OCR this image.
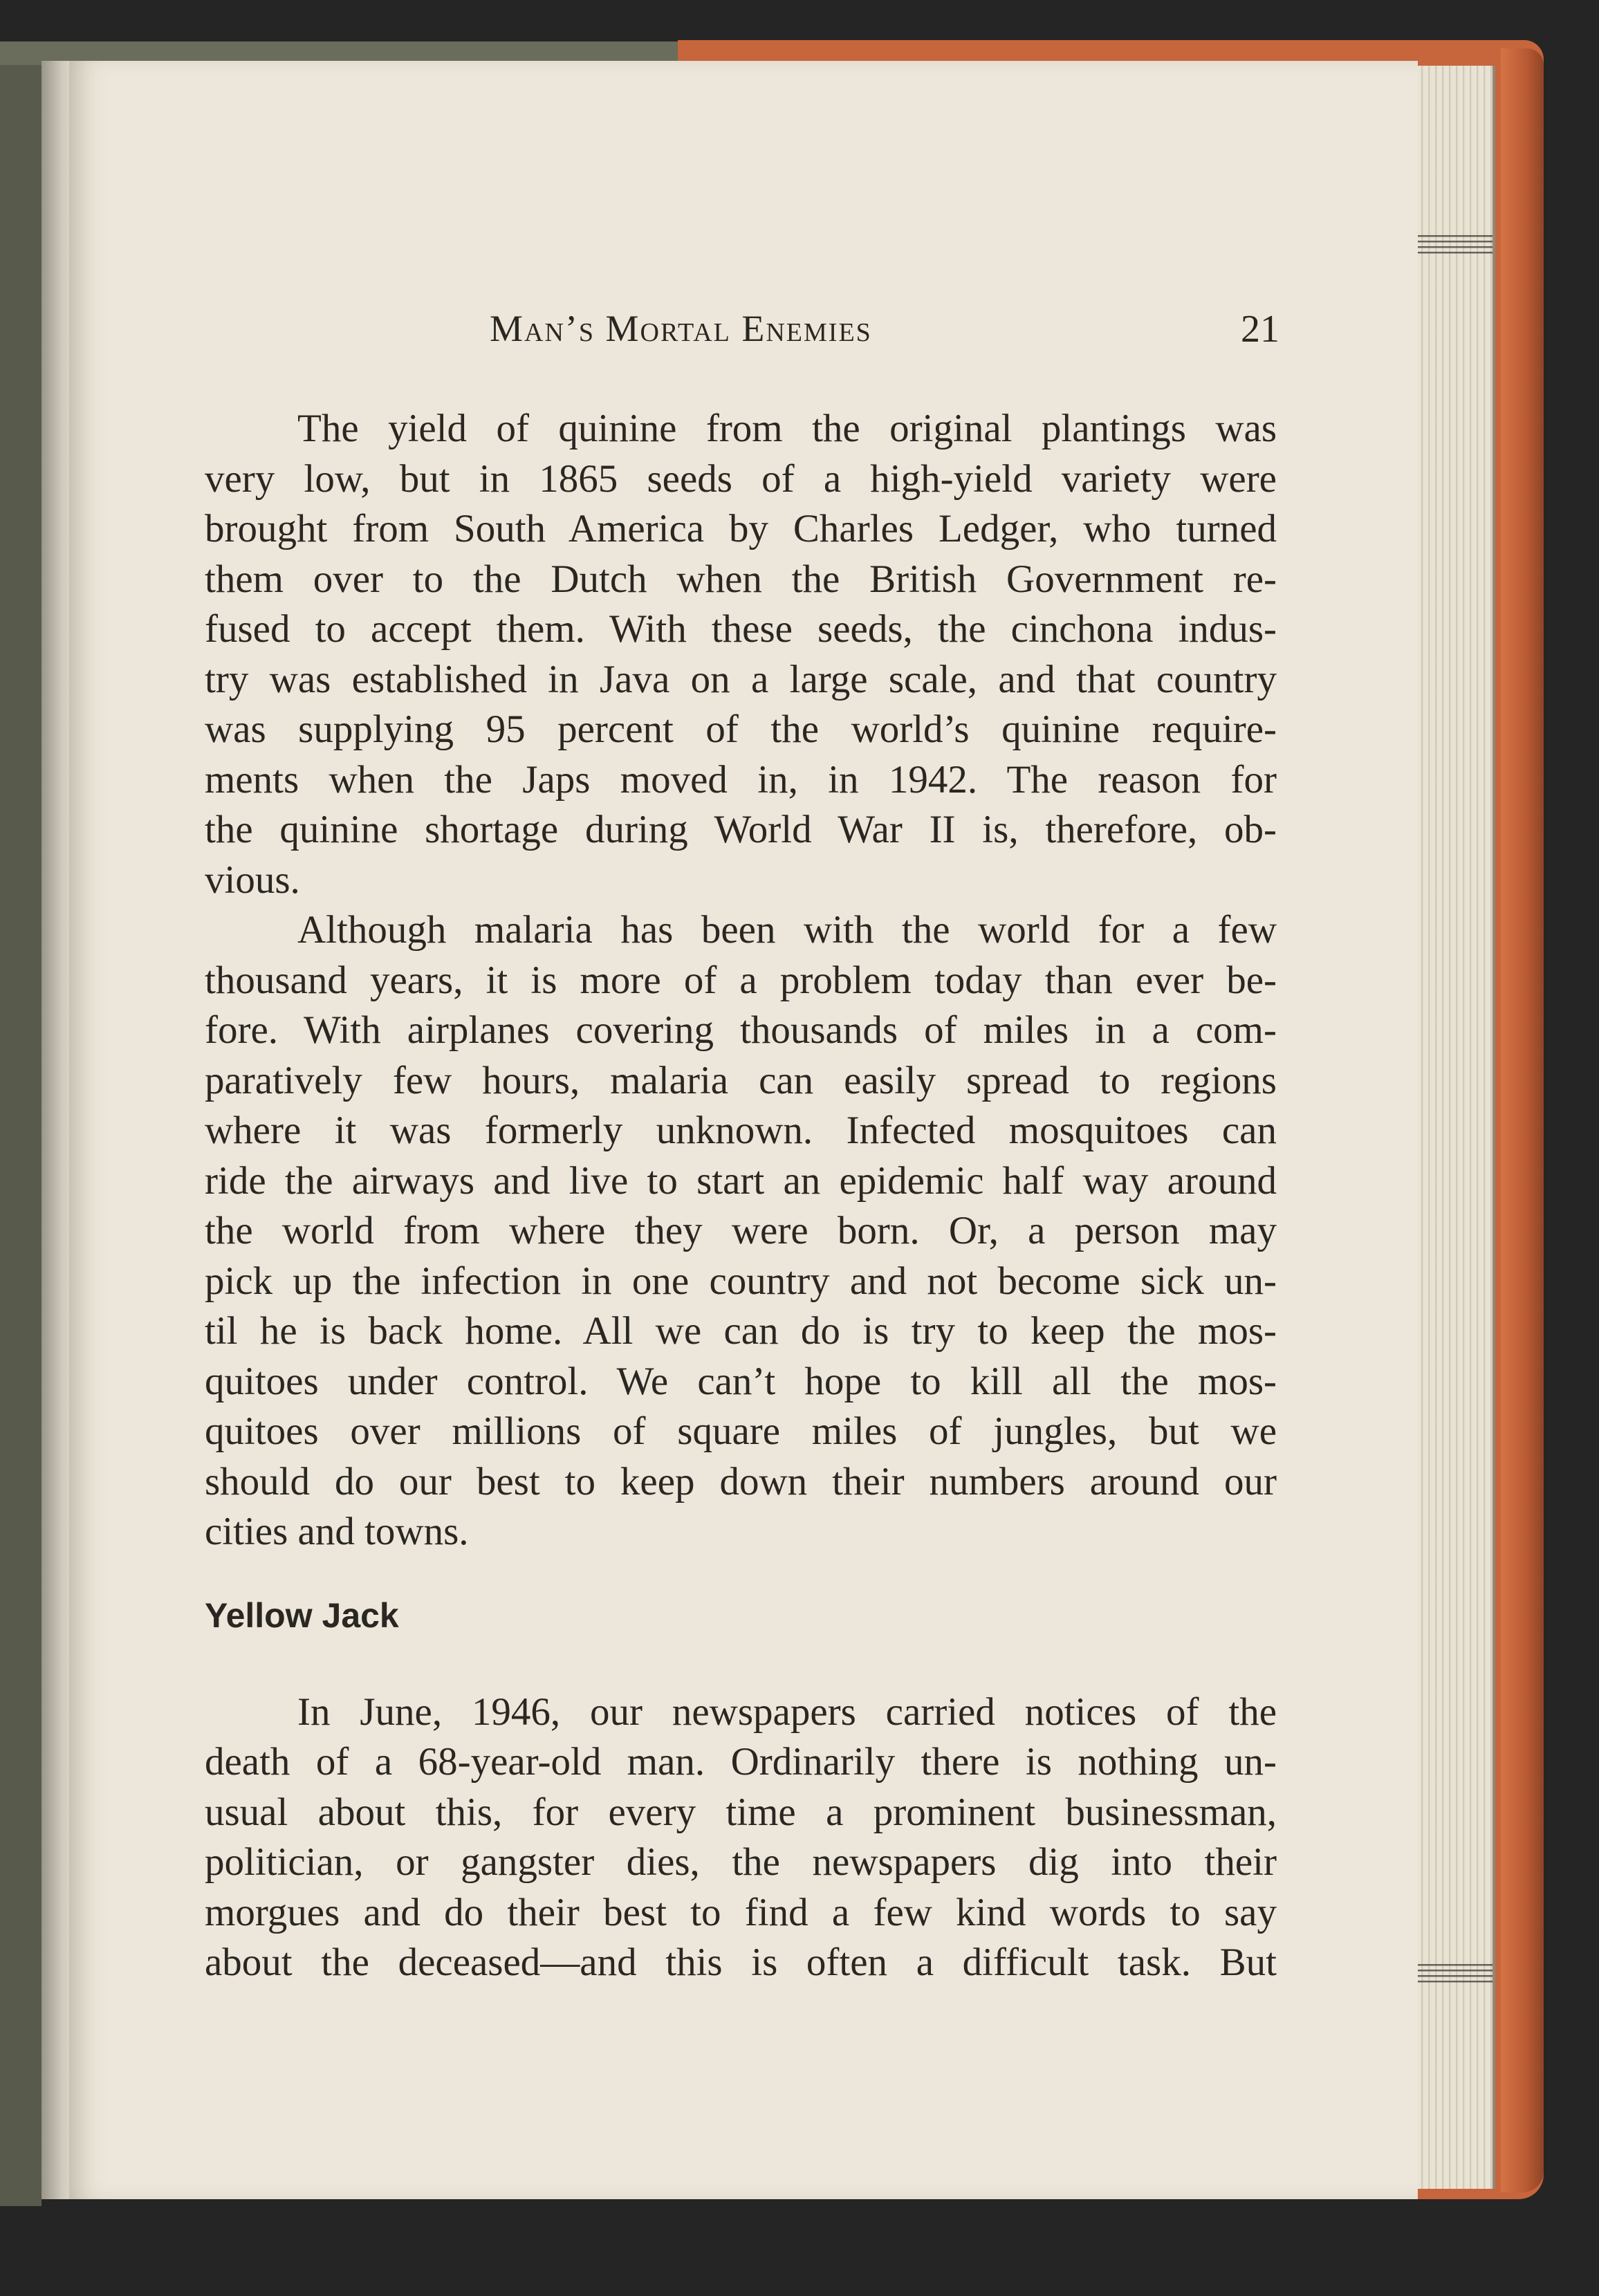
Man’s Mortal Enemies	21

The yield of quinine from the original plantings was
very low, but in 1865 seeds of a high-yield variety were
brought from South America by Charles Ledger, who turned
them over to the Dutch when the British Government re-
fused to accept them. With these seeds, the cinchona indus-
try was established in Java on a large scale, and that country
was supplying 95 percent of the world’s quinine require-
ments when the Japs moved in, in 1942. The reason for
the quinine shortage during World War II is, therefore, ob-
vious.

Although malaria has been with the world for a few
thousand years, it is more of a problem today than ever be-
fore. With airplanes covering thousands of miles in a com-
paratively few hours, malaria can easily spread to regions
where it was formerly unknown. Infected mosquitoes can
ride the airways and live to start an epidemic half way around
the world from where they were born. Or, a person may
pick up the infection in one country and not become sick un-
til he is back home. All we can do is try to keep the mos-
quitoes under control. We can’t hope to kill all the mos-
quitoes over millions of square miles of jungles, but we
should do our best to keep down their numbers around our
cities and towns.

Yellow Jack

In June, 1946, our newspapers carried notices of the
death of a 68-year-old man. Ordinarily there is nothing un-
usual about this, for every time a prominent businessman,
politician, or gangster dies, the newspapers dig into their
morgues and do their best to find a few kind words to say
about the deceased—and this is often a difficult task. But
